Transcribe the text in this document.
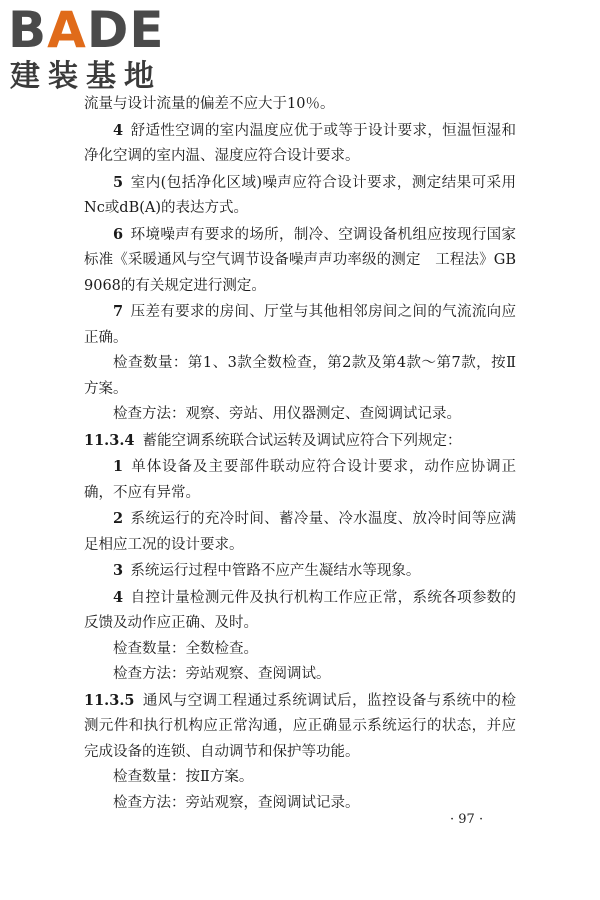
BADE
建装基地

流量与设计流量的偏差不应大于10％。

4  舒适性空调的室内温度应优于或等于设计要求，恒温恒湿和净化空调的室内温、湿度应符合设计要求。

5  室内(包括净化区域)噪声应符合设计要求，测定结果可采用Nc或dB(A)的表达方式。

6  环境噪声有要求的场所，制冷、空调设备机组应按现行国家标准《采暖通风与空气调节设备噪声声功率级的测定　工程法》GB 9068的有关规定进行测定。

7  压差有要求的房间、厅堂与其他相邻房间之间的气流流向应正确。

检查数量：第1、3款全数检查，第2款及第4款～第7款，按Ⅱ方案。

检查方法：观察、旁站、用仪器测定、查阅调试记录。

11.3.4 蓄能空调系统联合试运转及调试应符合下列规定：

1  单体设备及主要部件联动应符合设计要求，动作应协调正确，不应有异常。

2  系统运行的充冷时间、蓄冷量、冷水温度、放冷时间等应满足相应工况的设计要求。

3  系统运行过程中管路不应产生凝结水等现象。

4  自控计量检测元件及执行机构工作应正常，系统各项参数的反馈及动作应正确、及时。

检查数量：全数检查。

检查方法：旁站观察、查阅调试。

11.3.5 通风与空调工程通过系统调试后，监控设备与系统中的检测元件和执行机构应正常沟通，应正确显示系统运行的状态，并应完成设备的连锁、自动调节和保护等功能。

检查数量：按Ⅱ方案。

检查方法：旁站观察，查阅调试记录。

· 97 ·
